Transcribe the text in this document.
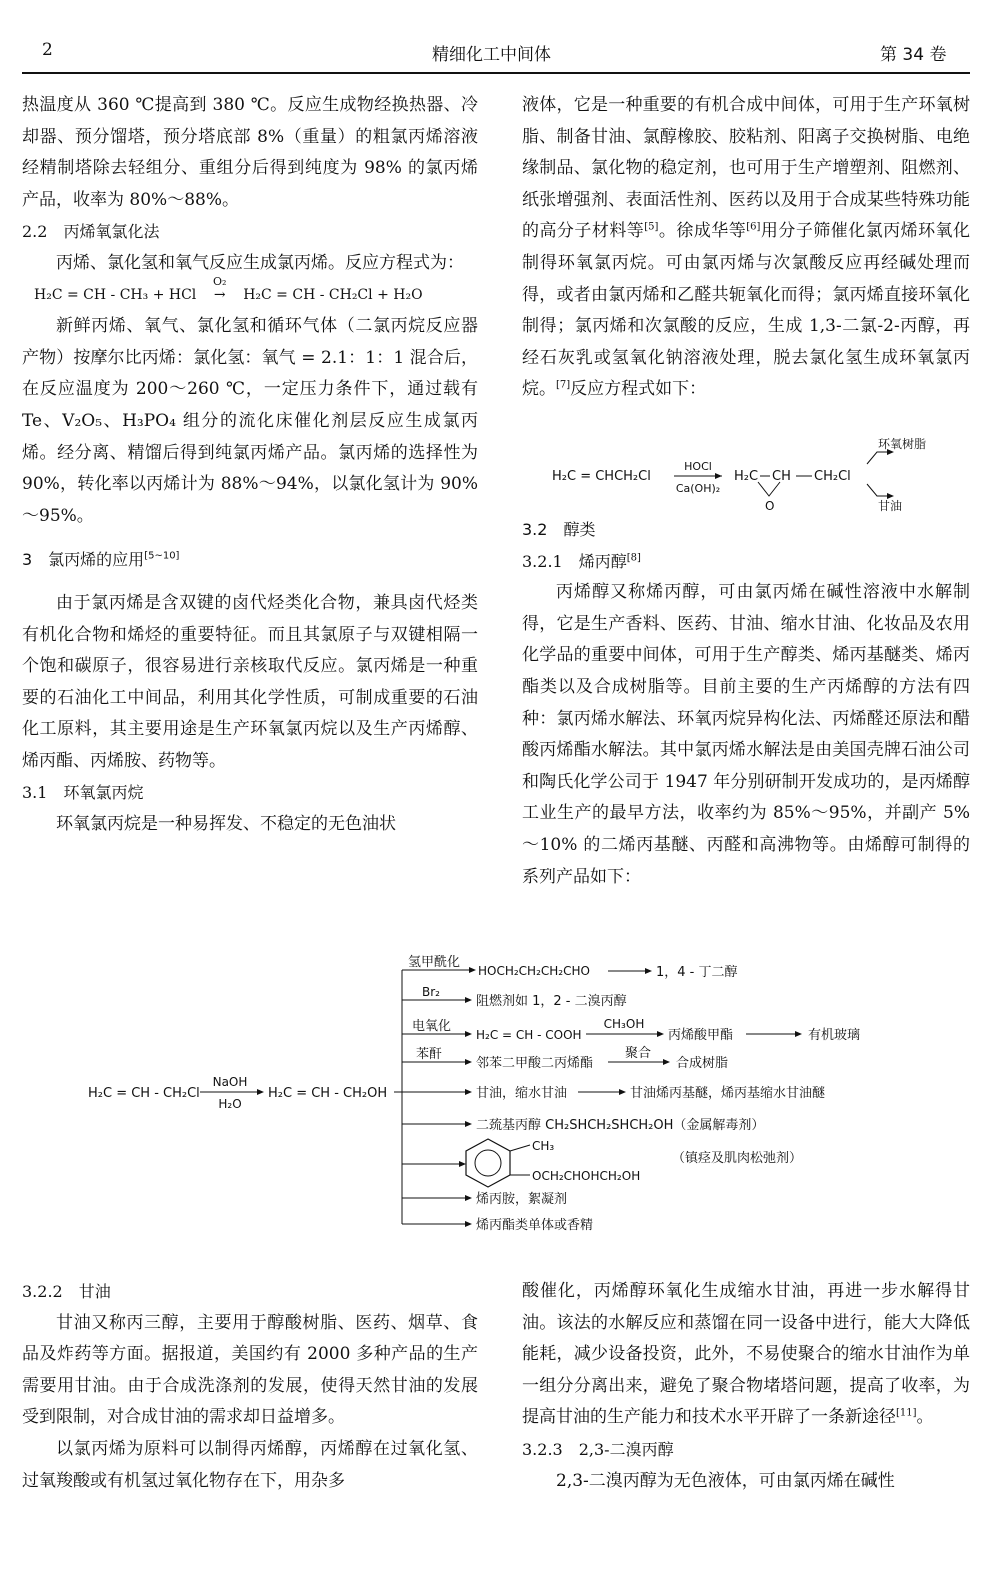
2	精细化工中间体	第 34 卷

热温度从 360 ℃提高到 380 ℃。反应生成物经换热器、冷却器、预分馏塔，预分塔底部 8%（重量）的粗氯丙烯溶液经精制塔除去轻组分、重组分后得到纯度为 98% 的氯丙烯产品，收率为 80%～88%。

2.2　丙烯氧氯化法

丙烯、氯化氢和氧气反应生成氯丙烯。反应方程式为：

H₂C = CH - CH₃ + HCl
O₂
→ H₂C = CH - CH₂Cl + H₂O

新鲜丙烯、氧气、氯化氢和循环气体（二氯丙烷反应器产物）按摩尔比丙烯：氯化氢：氧气 = 2.1：1：1 混合后，在反应温度为 200～260 ℃，一定压力条件下，通过载有 Te、V₂O₅、H₃PO₄ 组分的流化床催化剂层反应生成氯丙烯。经分离、精馏后得到纯氯丙烯产品。氯丙烯的选择性为 90%，转化率以丙烯计为 88%～94%，以氯化氢计为 90%～95%。

3　氯丙烯的应用[5~10]

由于氯丙烯是含双键的卤代烃类化合物，兼具卤代烃类有机化合物和烯烃的重要特征。而且其氯原子与双键相隔一个饱和碳原子，很容易进行亲核取代反应。氯丙烯是一种重要的石油化工中间品，利用其化学性质，可制成重要的石油化工原料，其主要用途是生产环氧氯丙烷以及生产丙烯醇、烯丙酯、丙烯胺、药物等。

3.1　环氧氯丙烷

环氧氯丙烷是一种易挥发、不稳定的无色油状

液体，它是一种重要的有机合成中间体，可用于生产环氧树脂、制备甘油、氯醇橡胶、胶粘剂、阳离子交换树脂、电绝缘制品、氯化物的稳定剂，也可用于生产增塑剂、阻燃剂、纸张增强剂、表面活性剂、医药以及用于合成某些特殊功能的高分子材料等[5]。徐成华等[6]用分子筛催化氯丙烯环氧化制得环氧氯丙烷。可由氯丙烯与次氯酸反应再经碱处理而得，或者由氯丙烯和乙醛共轭氧化而得；氯丙烯直接环氧化制得；氯丙烯和次氯酸的反应，生成 1,3-二氯-2-丙醇，再经石灰乳或氢氧化钠溶液处理，脱去氯化氢生成环氧氯丙烷。[7]反应方程式如下：

H₂C = CHCH₂Cl
HOCl
Ca(OH)₂
H₂C CH CH₂Cl
O
环氧树脂
甘油

3.2　醇类

3.2.1　烯丙醇[8]

丙烯醇又称烯丙醇，可由氯丙烯在碱性溶液中水解制得，它是生产香料、医药、甘油、缩水甘油、化妆品及农用化学品的重要中间体，可用于生产醇类、烯丙基醚类、烯丙酯类以及合成树脂等。目前主要的生产丙烯醇的方法有四种：氯丙烯水解法、环氧丙烷异构化法、丙烯醛还原法和醋酸丙烯酯水解法。其中氯丙烯水解法是由美国壳牌石油公司和陶氏化学公司于 1947 年分别研制开发成功的，是丙烯醇工业生产的最早方法，收率约为 85%～95%，并副产 5%～10% 的二烯丙基醚、丙醛和高沸物等。由烯醇可制得的系列产品如下：

H₂C = CH - CH₂Cl
NaOH
H₂O
H₂C = CH - CH₂OH
氢甲酰化
HOCH₂CH₂CH₂CHO	1，4 - 丁二醇
Br₂
阻燃剂如 1，2 - 二溴丙醇
电氧化
H₂C = CH - COOH
CH₃OH
丙烯酸甲酯	有机玻璃
苯酐
邻苯二甲酸二丙烯酯
聚合
合成树脂
甘油，缩水甘油	甘油烯丙基醚，烯丙基缩水甘油醚
二巯基丙醇 CH₂SHCH₂SHCH₂OH（金属解毒剂）
CH₃
OCH₂CHOHCH₂OH
（镇痉及肌肉松弛剂）
烯丙胺，絮凝剂
烯丙酯类单体或香精

3.2.2　甘油

甘油又称丙三醇，主要用于醇酸树脂、医药、烟草、食品及炸药等方面。据报道，美国约有 2000 多种产品的生产需要用甘油。由于合成洗涤剂的发展，使得天然甘油的发展受到限制，对合成甘油的需求却日益增多。

以氯丙烯为原料可以制得丙烯醇，丙烯醇在过氧化氢、过氧羧酸或有机氢过氧化物存在下，用杂多

酸催化，丙烯醇环氧化生成缩水甘油，再进一步水解得甘油。该法的水解反应和蒸馏在同一设备中进行，能大大降低能耗，减少设备投资，此外，不易使聚合的缩水甘油作为单一组分分离出来，避免了聚合物堵塔问题，提高了收率，为提高甘油的生产能力和技术水平开辟了一条新途径[11]。

3.2.3　2,3-二溴丙醇

2,3-二溴丙醇为无色液体，可由氯丙烯在碱性
